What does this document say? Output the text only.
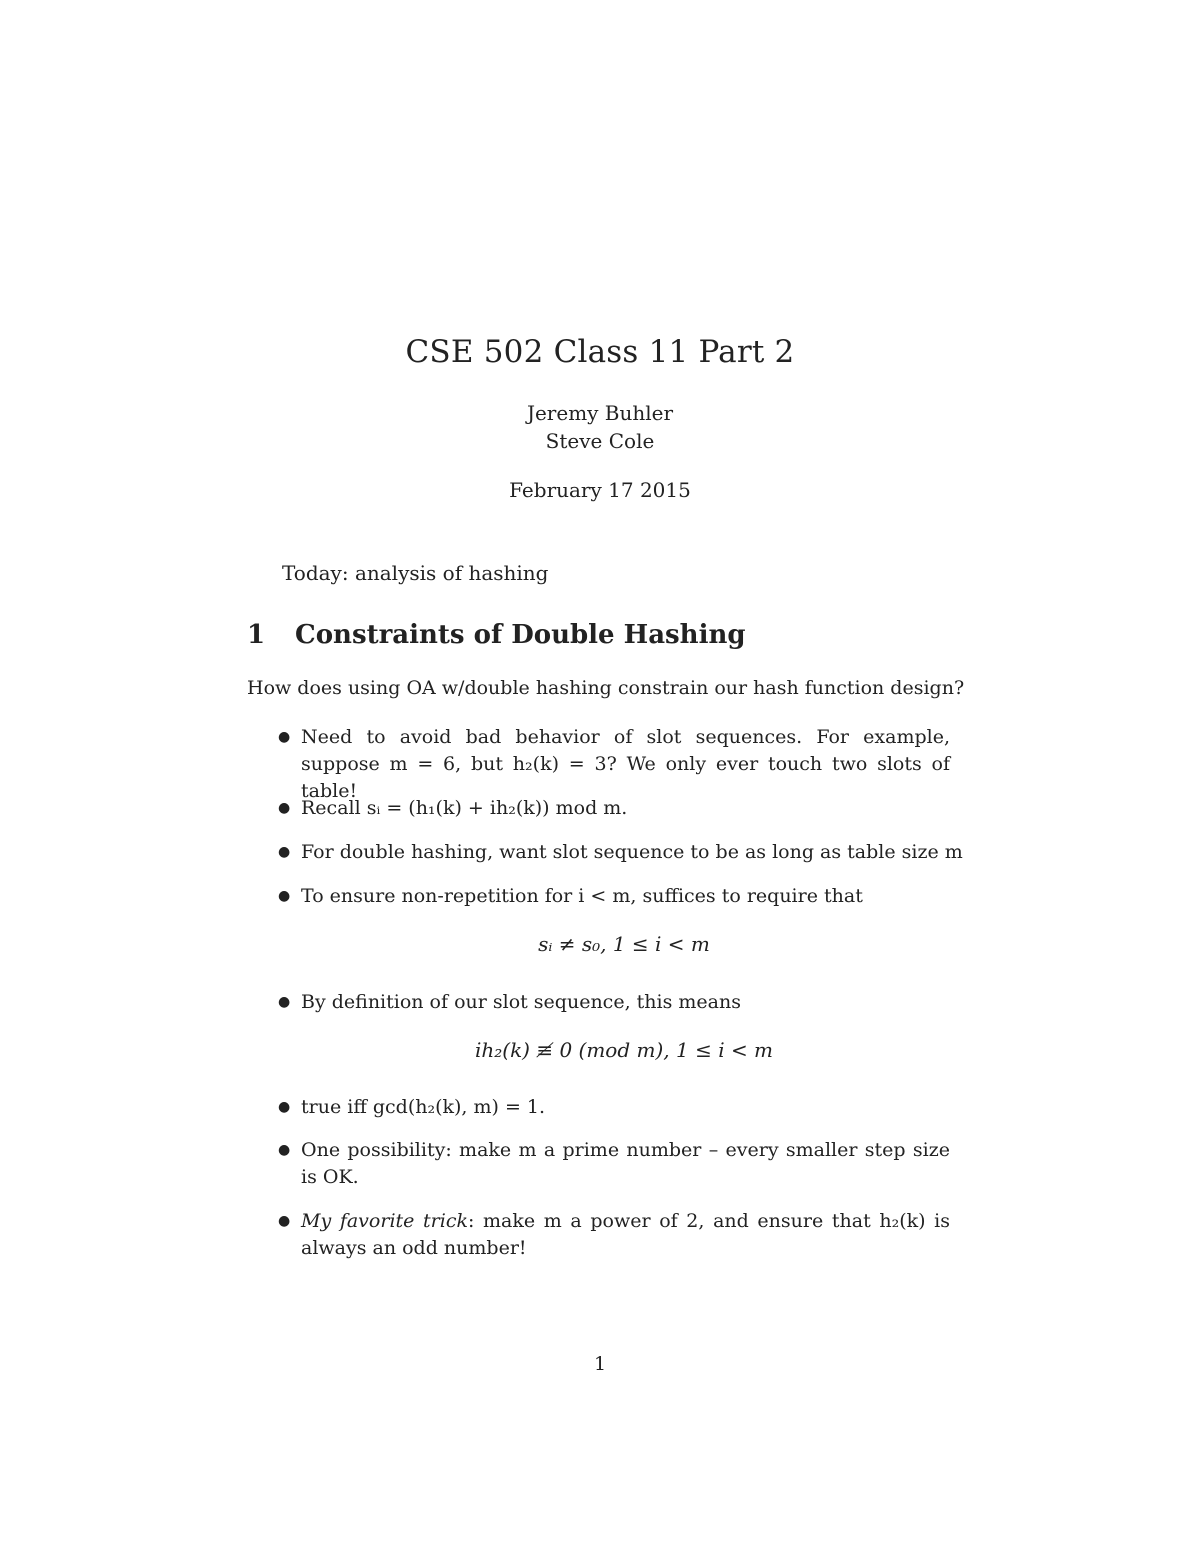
CSE 502 Class 11 Part 2
Jeremy Buhler
Steve Cole
February 17 2015
Today: analysis of hashing
1 Constraints of Double Hashing
How does using OA w/double hashing constrain our hash function design?
● Need to avoid bad behavior of slot sequences. For example, suppose m = 6, but h₂(k) = 3? We only ever touch two slots of table!
● Recall sᵢ = (h₁(k) + ih₂(k)) mod m.
● For double hashing, want slot sequence to be as long as table size m
● To ensure non-repetition for i < m, suffices to require that
sᵢ ≠ s₀, 1 ≤ i < m
● By definition of our slot sequence, this means
ih₂(k) ≢ 0 (mod m), 1 ≤ i < m
● true iff gcd(h₂(k), m) = 1.
● One possibility: make m a prime number – every smaller step size is OK.
● My favorite trick: make m a power of 2, and ensure that h₂(k) is always an odd number!
1
